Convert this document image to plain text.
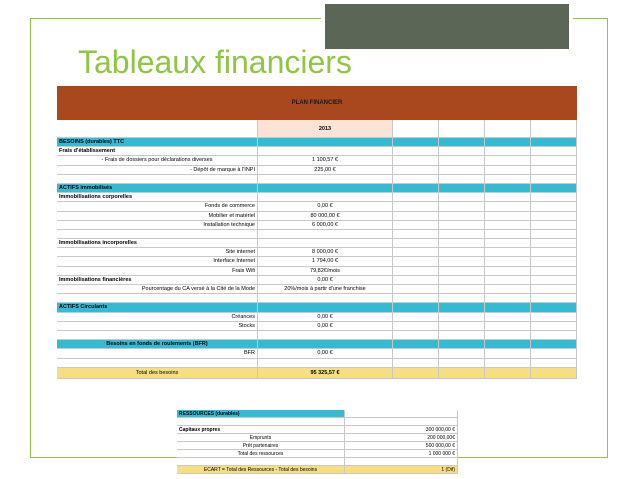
Tableaux financiers
PLAN FINANCIER
2013
BESOINS (durables) TTC
Frais d'établissement
- Frais de dossiers pour déclarations diverses	1 100,57 €
- Dépôt de marque à l'INPI	225,00 €
ACTIFS immobilisés
Immobilisations corporelles
Fonds de commerce	0,00 €
Mobilier et matériel	80 000,00 €
Installation technique	6 000,00 €
Immobilisations incorporelles
Site internet	8 000,00 €
Interface Internet	1 794,00 €
Frais Wifi	79,82€/mois
Immobilisations financières	0,00 €
Pourcentage du CA versé à la Cité de la Mode	20%/mois à partir d'une franchise
ACTIFS Circulants
Créances	0,00 €
Stocks	0,00 €
Besoins en fonds de roulements (BFR)
BFR	0,00 €
Total des besoins	95 325,57 €
RESSOURCES (durables)
Capitaux propres	300 000,00 €
Emprunts	200 000,00€
Prêt partenaires	500 000,00 €
Total des ressources	1 000 000 €
ECART = Total des Ressources - Total des besoins	1 (Dif)
